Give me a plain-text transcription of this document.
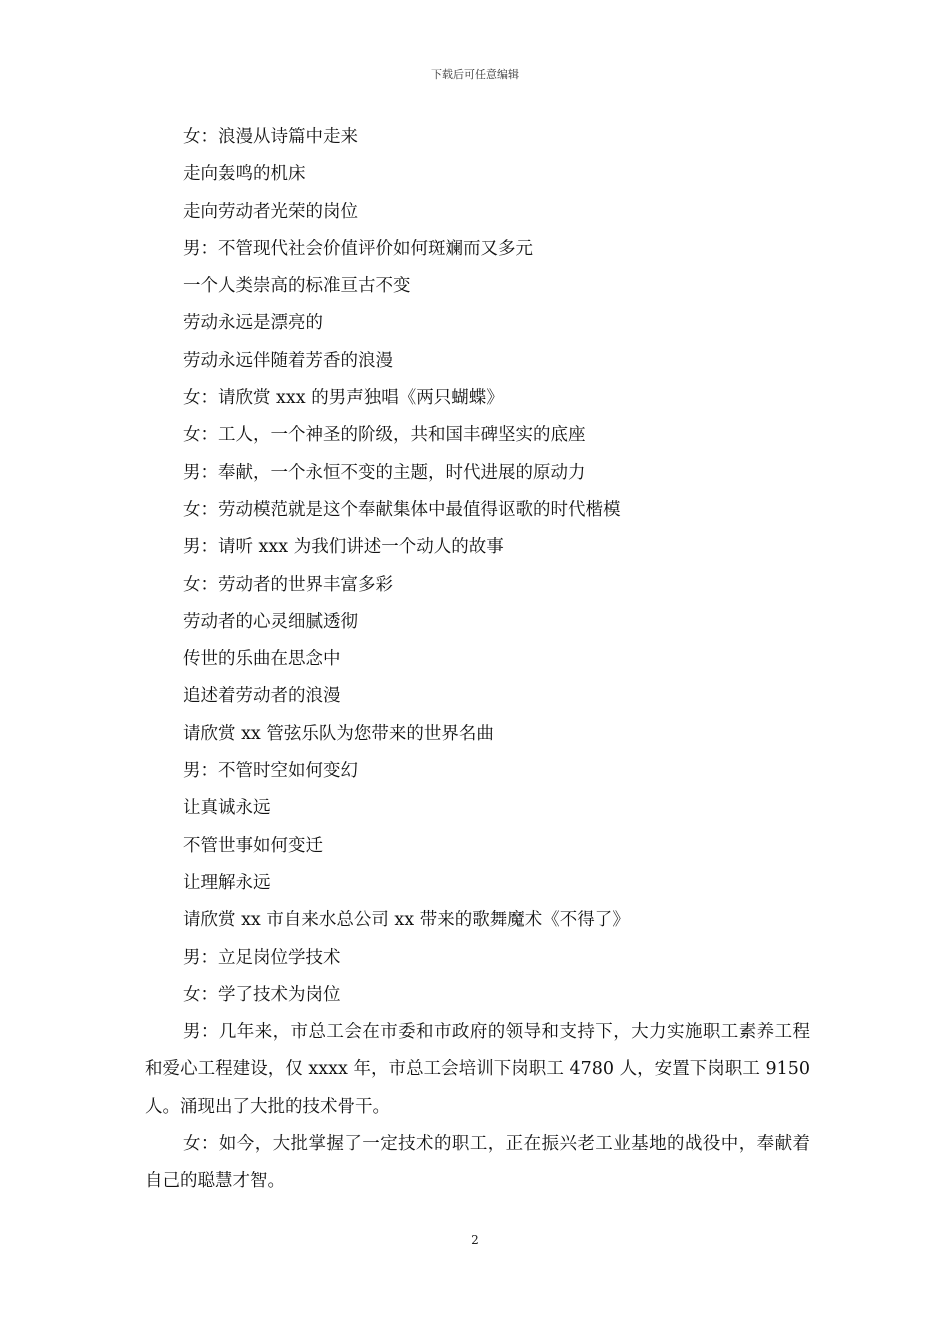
下载后可任意编辑
女：浪漫从诗篇中走来
走向轰鸣的机床
走向劳动者光荣的岗位
男：不管现代社会价值评价如何斑斓而又多元
一个人类崇高的标准亘古不变
劳动永远是漂亮的
劳动永远伴随着芳香的浪漫
女：请欣赏 xxx 的男声独唱《两只蝴蝶》
女：工人，一个神圣的阶级，共和国丰碑坚实的底座
男：奉献，一个永恒不变的主题，时代进展的原动力
女：劳动模范就是这个奉献集体中最值得讴歌的时代楷模
男：请听 xxx 为我们讲述一个动人的故事
女：劳动者的世界丰富多彩
劳动者的心灵细腻透彻
传世的乐曲在思念中
追述着劳动者的浪漫
请欣赏 xx 管弦乐队为您带来的世界名曲
男：不管时空如何变幻
让真诚永远
不管世事如何变迁
让理解永远
请欣赏 xx 市自来水总公司 xx 带来的歌舞魔术《不得了》
男：立足岗位学技术
女：学了技术为岗位

男：几年来，市总工会在市委和市政府的领导和支持下，大力实施职工素养工程和爱心工程建设，仅 xxxx 年，市总工会培训下岗职工 4780 人，安置下岗职工 9150 人。涌现出了大批的技术骨干。

女：如今，大批掌握了一定技术的职工，正在振兴老工业基地的战役中，奉献着自己的聪慧才智。

2
